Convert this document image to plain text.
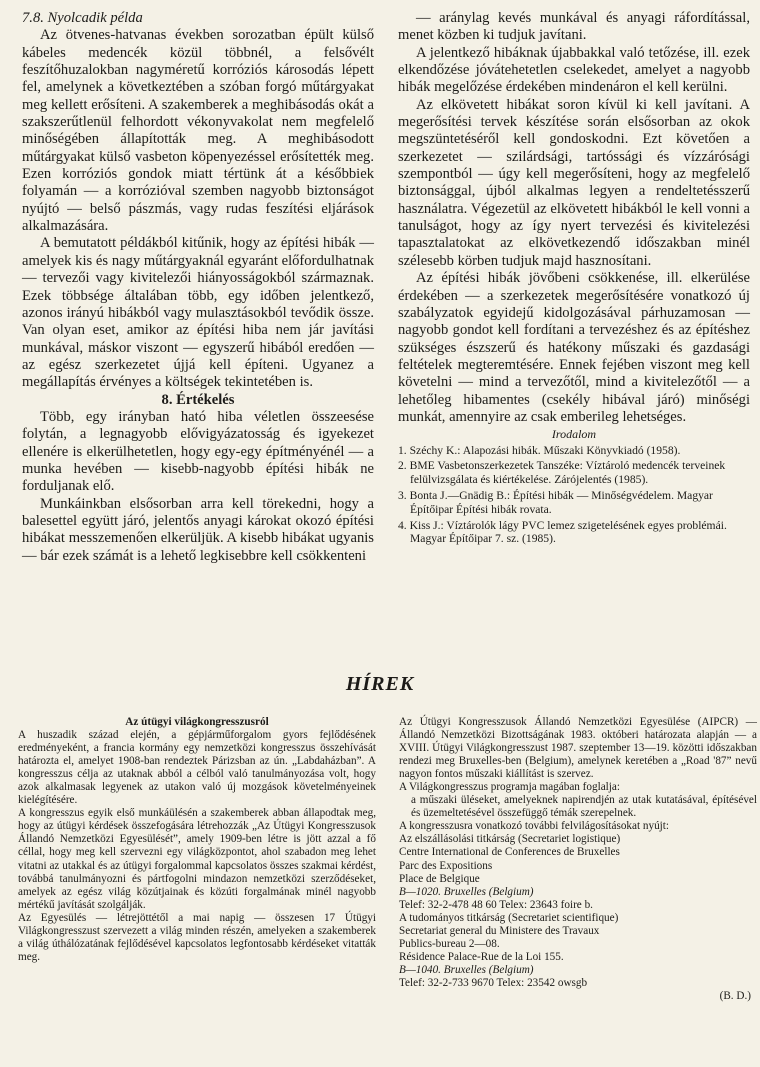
7.8. Nyolcadik példa

Az ötvenes-hatvanas években sorozatban épült külső kábeles medencék közül többnél, a felsővélt feszítőhuzalokban nagyméretű korróziós károsodás lépett fel, amelynek a következtében a szóban forgó műtárgyakat meg kellett erősíteni. A szakemberek a meghibásodás okát a szakszerűtlenül felhordott vékonyvakolat nem megfelelő minőségében állapították meg. A meghibásodott műtárgyakat külső vasbeton köpenyezéssel erősítették meg. Ezen korróziós gondok miatt tértünk át a későbbiek folyamán — a korrózióval szemben nagyobb biztonságot nyújtó — belső pászmás, vagy rudas feszítési eljárások alkalmazására.

A bemutatott példákból kitűnik, hogy az építési hibák — amelyek kis és nagy műtárgyaknál egyaránt előfordulhatnak — tervezői vagy kivitelezői hiányosságokból származnak. Ezek többsége általában több, egy időben jelentkező, azonos irányú hibákból vagy mulasztásokból tevődik össze. Van olyan eset, amikor az építési hiba nem jár javítási munkával, máskor viszont — egyszerű hibából eredően — az egész szerkezetet újjá kell építeni. Ugyanez a megállapítás érvényes a költségek tekintetében is.

8. Értékelés

Több, egy irányban ható hiba véletlen összeesése folytán, a legnagyobb elővigyázatosság és igyekezet ellenére is elkerülhetetlen, hogy egy-egy építményénél — a munka hevében — kisebb-nagyobb építési hibák ne forduljanak elő.

Munkáinkban elsősorban arra kell törekedni, hogy a balesettel együtt járó, jelentős anyagi károkat okozó építési hibákat messzemenően elkerüljük. A kisebb hibákat ugyanis — bár ezek számát is a lehető legkisebbre kell csökkenteni

— aránylag kevés munkával és anyagi ráfordítással, menet közben ki tudjuk javítani.

A jelentkező hibáknak újabbakkal való tetőzése, ill. ezek elkendőzése jóvátehetetlen cselekedet, amelyet a nagyobb hibák megelőzése érdekében mindenáron el kell kerülni.

Az elkövetett hibákat soron kívül ki kell javítani. A megerősítési tervek készítése során elsősorban az okok megszüntetéséről kell gondoskodni. Ezt követően a szerkezetet — szilárdsági, tartóssági és vízzárósági szempontból — úgy kell megerősíteni, hogy az megfelelő biztonsággal, újból alkalmas legyen a rendeltetésszerű használatra. Végezetül az elkövetett hibákból le kell vonni a tanulságot, hogy az így nyert tervezési és kivitelezési tapasztalatokat az elkövetkezendő időszakban minél szélesebb körben tudjuk majd hasznosítani.

Az építési hibák jövőbeni csökkenése, ill. elkerülése érdekében — a szerkezetek megerősítésére vonatkozó új szabályzatok egyidejű kidolgozásával párhuzamosan — nagyobb gondot kell fordítani a tervezéshez és az építéshez szükséges észszerű és hatékony műszaki és gazdasági feltételek megteremtésére. Ennek fejében viszont meg kell követelni — mind a tervezőtől, mind a kivitelezőtől — a lehetőleg hibamentes (csekély hibával járó) minőségi munkát, amennyire az csak emberileg lehetséges.

Irodalom

1. Széchy K.: Alapozási hibák. Műszaki Könyvkiadó (1958).
2. BME Vasbetonszerkezetek Tanszéke: Víztároló medencék terveinek felülvizsgálata és kiértékelése. Zárójelentés (1985).
3. Bonta J.—Gnädig B.: Építési hibák — Minőségvédelem. Magyar Építőipar Építési hibák rovata.
4. Kiss J.: Víztárolók lágy PVC lemez szigetelésének egyes problémái. Magyar Építőipar 7. sz. (1985).
HÍREK

Az útügyi világkongresszusról

A huszadik század elején, a gépjárműforgalom gyors fejlődésének eredményeként, a francia kormány egy nemzetközi kongresszus összehívását határozta el, amelyet 1908-ban rendeztek Párizsban az ún. „Labdaházban”. A kongresszus célja az utaknak abból a célból való tanulmányozása volt, hogy azok alkalmasak legyenek az utakon való új mozgások követelményeinek kielégítésére.

A kongresszus egyik első munkáülésén a szakemberek abban állapodtak meg, hogy az útügyi kérdések összefogására létrehozzák „Az Útügyi Kongresszusok Állandó Nemzetközi Egyesülését”, amely 1909-ben létre is jött azzal a fő céllal, hogy meg kell szervezni egy világközpontot, ahol szabadon meg lehet vitatni az utakkal és az útügyi forgalommal kapcsolatos összes szakmai kérdést, továbbá tanulmányozni és pártfogolni mindazon nemzetközi szerződéseket, amelyek az egész világ közútjainak és közúti forgalmának minél nagyobb mértékű javítását szolgálják.

Az Egyesülés — létrejöttétől a mai napig — összesen 17 Útügyi Világkongresszust szervezett a világ minden részén, amelyeken a szakemberek a világ úthálózatának fejlődésével kapcsolatos legfontosabb kérdéseket vitatták meg.

Az Útügyi Kongresszusok Állandó Nemzetközi Egyesülése (AIPCR) — Állandó Nemzetközi Bizottságának 1983. októberi határozata alapján — a XVIII. Útügyi Világkongresszust 1987. szeptember 13—19. közötti időszakban rendezi meg Bruxelles-ben (Belgium), amelynek keretében a „Road '87” nevű nagyon fontos műszaki kiállítást is szervez.

A Világkongresszus programja magában foglalja:

a műszaki üléseket, amelyeknek napirendjén az utak kutatásával, építésével és üzemeltetésével összefüggő témák szerepelnek.

A kongresszusra vonatkozó további felvilágosításokat nyújt:

Az elszállásolási titkárság (Secretariet logistique)

Centre International de Conferences de Bruxelles

Parc des Expositions

Place de Belgique

B—1020. Bruxelles (Belgium)

Telef: 32-2-478 48 60 Telex: 23643 foire b.

A tudományos titkárság (Secretariet scientifique)

Secretariat general du Ministere des Travaux

Publics-bureau 2—08.

Résidence Palace-Rue de la Loi 155.

B—1040. Bruxelles (Belgium)

Telef: 32-2-733 9670 Telex: 23542 owsgb

(B. D.)
